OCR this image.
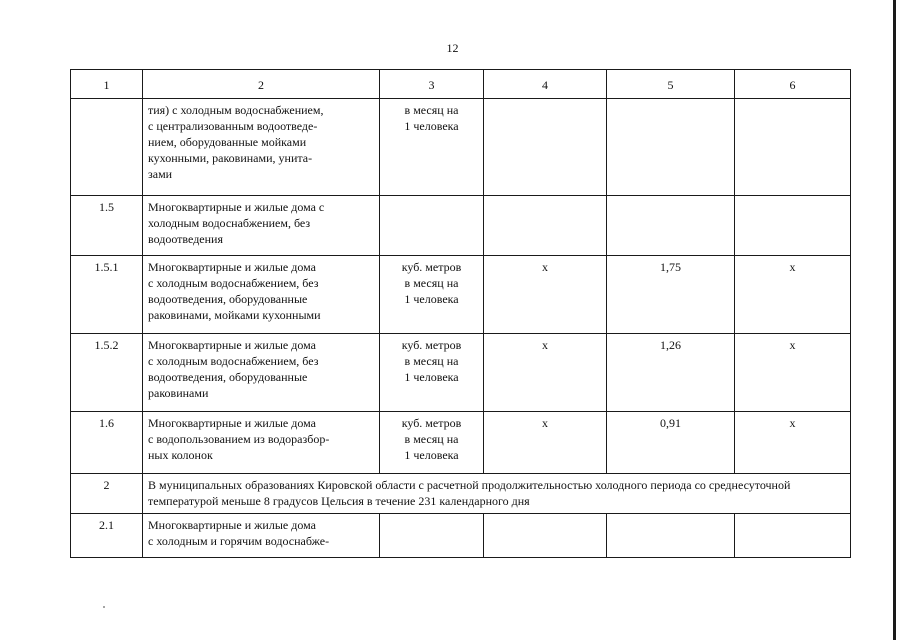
12
1	2	3	4	5	6
	тия) с холодным водоснабжением,
с централизованным водоотведе-
нием, оборудованные мойками
кухонными, раковинами, унита-
зами	в месяц на
1 человека			
1.5	Многоквартирные и жилые дома с
холодным водоснабжением, без
водоотведения				
1.5.1	Многоквартирные и жилые дома
с холодным водоснабжением, без
водоотведения, оборудованные
раковинами, мойками кухонными	куб. метров
в месяц на
1 человека	х	1,75	х
1.5.2	Многоквартирные и жилые дома
с холодным водоснабжением, без
водоотведения, оборудованные
раковинами	куб. метров
в месяц на
1 человека	х	1,26	х
1.6	Многоквартирные и жилые дома
с водопользованием из водоразбор-
ных колонок	куб. метров
в месяц на
1 человека	х	0,91	х
2	В муниципальных образованиях Кировской области с расчетной продолжительностью холодного периода со среднесуточной температурой меньше 8 градусов Цельсия в течение 231 календарного дня				
2.1	Многоквартирные и жилые дома
с холодным и горячим водоснабже-				
